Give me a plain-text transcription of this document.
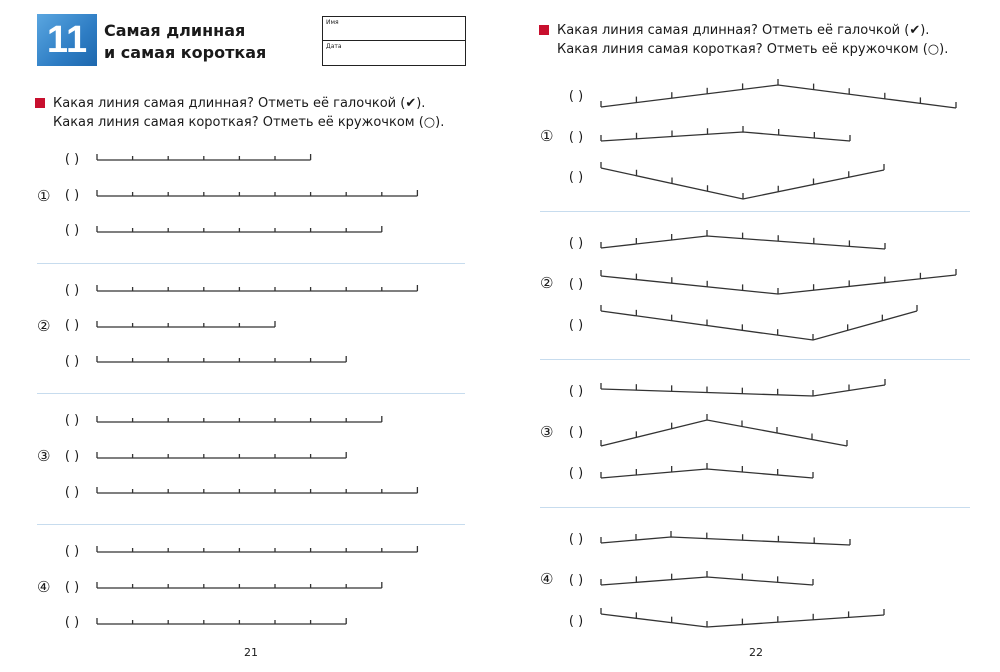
11	Самая длинная
и самая короткая
Имя
Дата
Какая линия самая длинная? Отметь её галочкой (✔).
Какая линия самая короткая? Отметь её кружочком (○).
①
②
③
④
( )
( )
( )
( )
( )
( )
( )
( )
( )
( )
( )
( )
21
Какая линия самая длинная? Отметь её галочкой (✔).
Какая линия самая короткая? Отметь её кружочком (○).
①
②
③
④
( )
( )
( )
( )
( )
( )
( )
( )
( )
( )
( )
( )
22
